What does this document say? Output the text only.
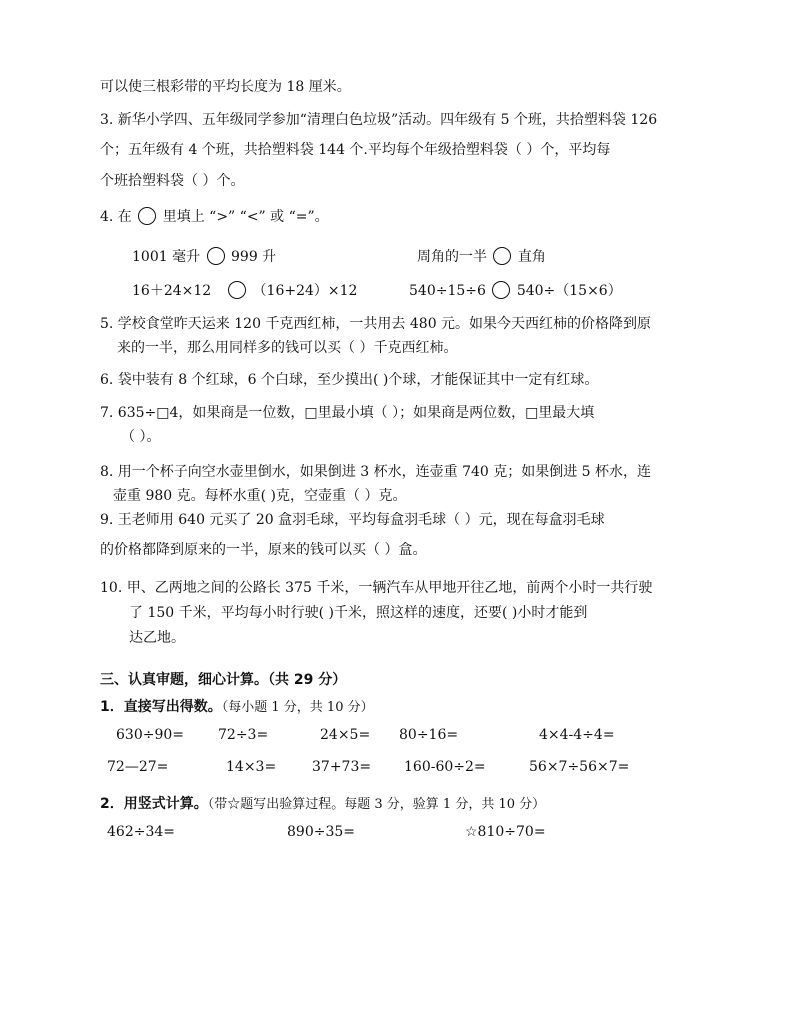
可以使三根彩带的平均长度为 18 厘米。
3. 新华小学四、五年级同学参加“清理白色垃圾”活动。四年级有 5 个班，共拾塑料袋 126
个；五年级有 4 个班，共拾塑料袋 144 个.平均每个年级拾塑料袋（ ）个，平均每
个班拾塑料袋（ ）个。
4. 在 里填上 “>” “<” 或 “=”。
1001 毫升 999 升	周角的一半 直角
16＋24×12	（16+24）×12	540÷15÷6 540÷（15×6）
5. 学校食堂昨天运来 120 千克西红柿，一共用去 480 元。如果今天西红柿的价格降到原
来的一半，那么用同样多的钱可以买（ ）千克西红柿。
6. 袋中装有 8 个红球，6 个白球，至少摸出( )个球，才能保证其中一定有红球。
7. 635÷□4，如果商是一位数，□里最小填（ ）；如果商是两位数，□里最大填
（ ）。
8. 用一个杯子向空水壶里倒水，如果倒进 3 杯水，连壶重 740 克；如果倒进 5 杯水，连
壶重 980 克。每杯水重( )克，空壶重（ ）克。
9. 王老师用 640 元买了 20 盒羽毛球，平均每盒羽毛球（ ）元，现在每盒羽毛球
的价格都降到原来的一半，原来的钱可以买（ ）盒。
10. 甲、乙两地之间的公路长 375 千米，一辆汽车从甲地开往乙地，前两个小时一共行驶
了 150 千米，平均每小时行驶( )千米，照这样的速度，还要( )小时才能到
达乙地。
三、认真审题，细心计算。（共 29 分）
1．直接写出得数。（每小题 1 分，共 10 分）
630÷90= 72÷3=	24×5= 80÷16=	4×4-4÷4=
72—27=	14×3=	37+73= 160-60÷2=	56×7÷56×7=
2．用竖式计算。（带☆题写出验算过程。每题 3 分，验算 1 分，共 10 分）
462÷34=	890÷35=	☆810÷70=
